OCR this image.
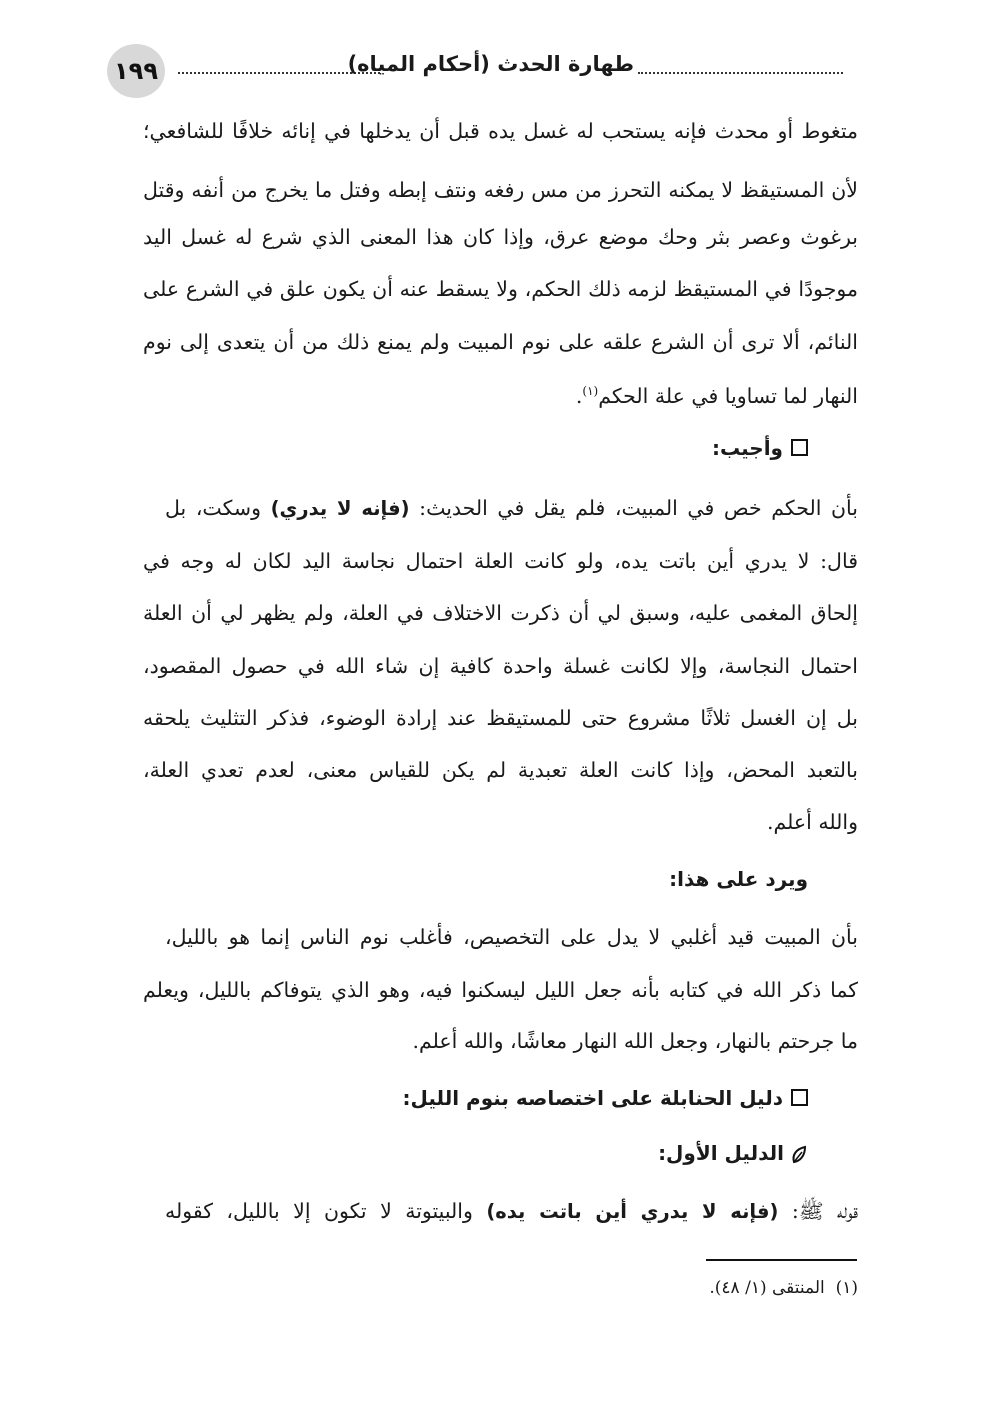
١٩٩	طهارة الحدث (أحكام المياه)
متغوط أو محدث فإنه يستحب له غسل يده قبل أن يدخلها في إنائه خلافًا للشافعي؛
لأن المستيقظ لا يمكنه التحرز من مس رفغه ونتف إبطه وفتل ما يخرج من أنفه وقتل
برغوث وعصر بثر وحك موضع عرق، وإذا كان هذا المعنى الذي شرع له غسل اليد
موجودًا في المستيقظ لزمه ذلك الحكم، ولا يسقط عنه أن يكون علق في الشرع على
النائم، ألا ترى أن الشرع علقه على نوم المبيت ولم يمنع ذلك من أن يتعدى إلى نوم
النهار لما تساويا في علة الحكم$^{(١)}$.
وأجيب:
بأن الحكم خص في المبيت، فلم يقل في الحديث: (فإنه لا يدري) وسكت، بل
قال: لا يدري أين باتت يده، ولو كانت العلة احتمال نجاسة اليد لكان له وجه في
إلحاق المغمى عليه، وسبق لي أن ذكرت الاختلاف في العلة، ولم يظهر لي أن العلة
احتمال النجاسة، وإلا لكانت غسلة واحدة كافية إن شاء الله في حصول المقصود،
بل إن الغسل ثلاثًا مشروع حتى للمستيقظ عند إرادة الوضوء، فذكر التثليث يلحقه
بالتعبد المحض، وإذا كانت العلة تعبدية لم يكن للقياس معنى، لعدم تعدي العلة،
والله أعلم.
ويرد على هذا:
بأن المبيت قيد أغلبي لا يدل على التخصيص، فأغلب نوم الناس إنما هو بالليل،
كما ذكر الله في كتابه بأنه جعل الليل ليسكنوا فيه، وهو الذي يتوفاكم بالليل، ويعلم
ما جرحتم بالنهار، وجعل الله النهار معاشًا، والله أعلم.
دليل الحنابلة على اختصاصه بنوم الليل:
الدليل الأول:
قوله ﷺ: (فإنه لا يدري أين باتت يده) والبيتوتة لا تكون إلا بالليل، كقوله
(١)  المنتقى (١/ ٤٨).
